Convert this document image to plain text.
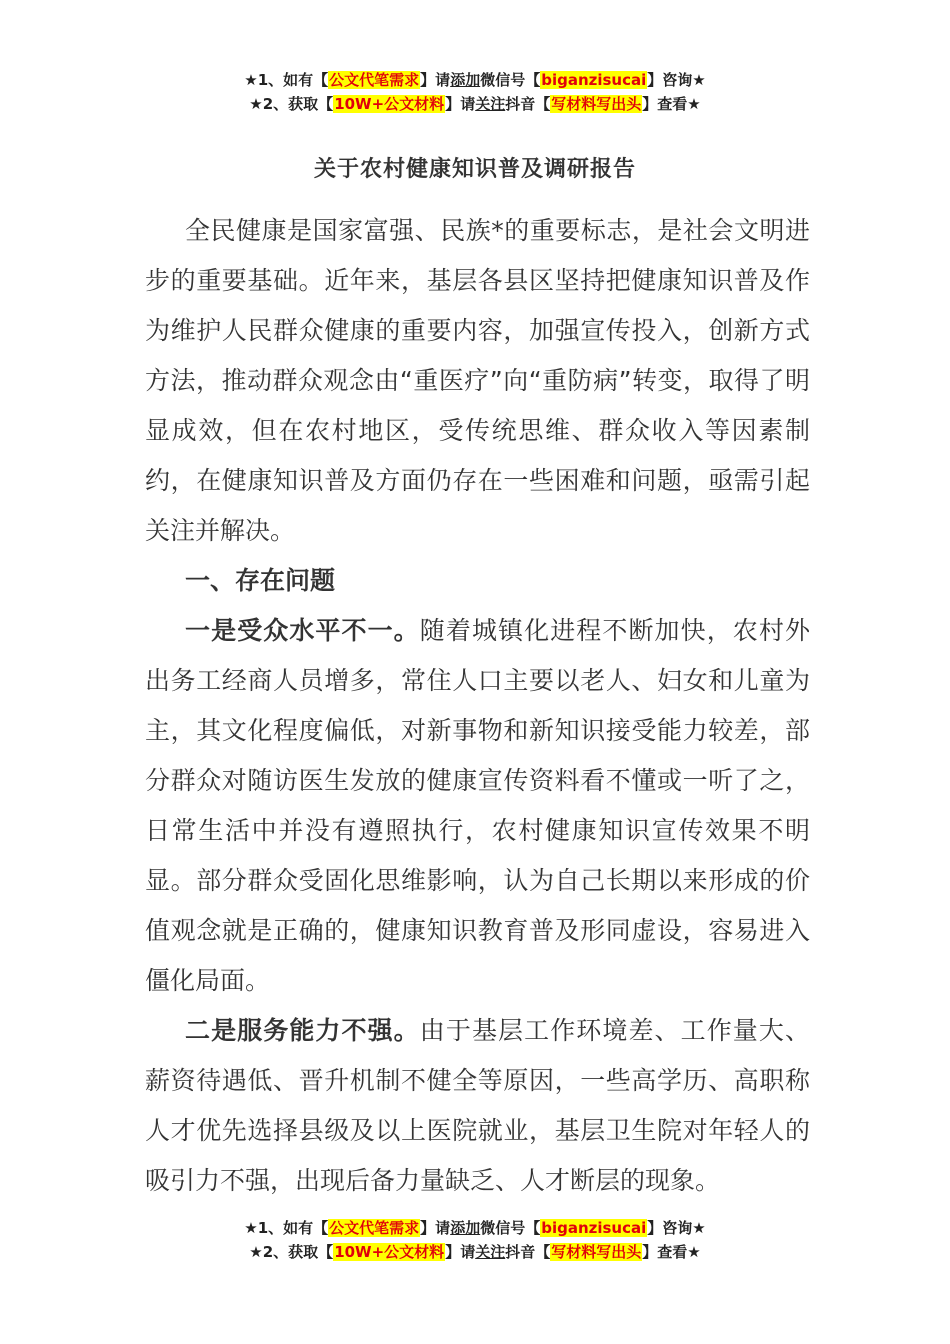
★1、如有【公文代笔需求】请添加微信号【biganzisucai】咨询★
★2、获取【10W+公文材料】请关注抖音【写材料写出头】查看★
关于农村健康知识普及调研报告

全民健康是国家富强、民族*的重要标志，是社会文明进步的重要基础。近年来，基层各县区坚持把健康知识普及作为维护人民群众健康的重要内容，加强宣传投入，创新方式方法，推动群众观念由“重医疗”向“重防病”转变，取得了明显成效，但在农村地区，受传统思维、群众收入等因素制约，在健康知识普及方面仍存在一些困难和问题，亟需引起关注并解决。

一、存在问题

一是受众水平不一。随着城镇化进程不断加快，农村外出务工经商人员增多，常住人口主要以老人、妇女和儿童为主，其文化程度偏低，对新事物和新知识接受能力较差，部分群众对随访医生发放的健康宣传资料看不懂或一听了之，日常生活中并没有遵照执行，农村健康知识宣传效果不明显。部分群众受固化思维影响，认为自己长期以来形成的价值观念就是正确的，健康知识教育普及形同虚设，容易进入僵化局面。

二是服务能力不强。由于基层工作环境差、工作量大、薪资待遇低、晋升机制不健全等原因，一些高学历、高职称人才优先选择县级及以上医院就业，基层卫生院对年轻人的吸引力不强，出现后备力量缺乏、人才断层的现象。

★1、如有【公文代笔需求】请添加微信号【biganzisucai】咨询★
★2、获取【10W+公文材料】请关注抖音【写材料写出头】查看★
